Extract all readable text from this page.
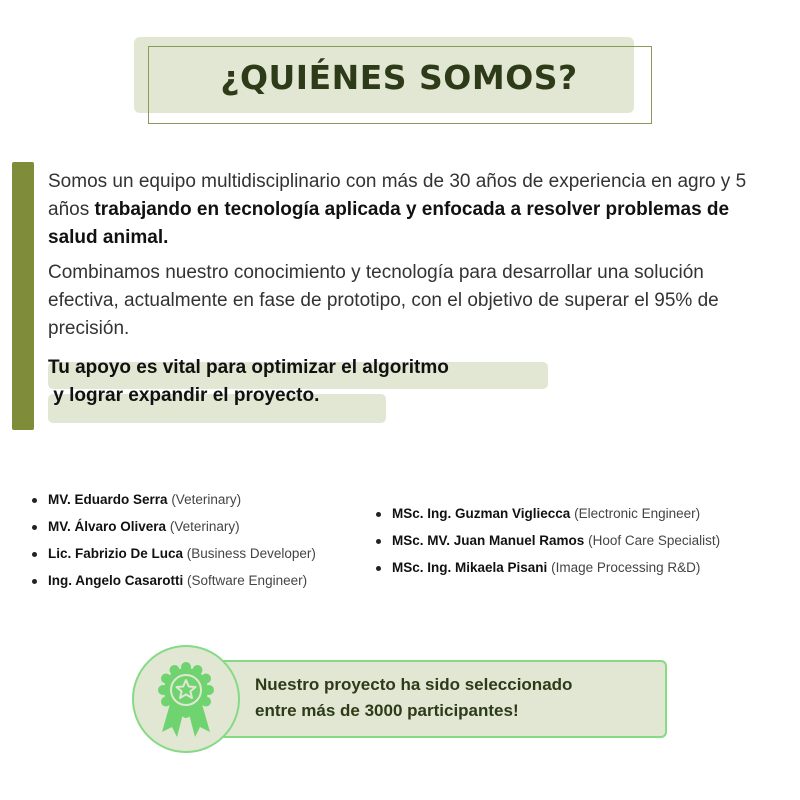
¿QUIÉNES SOMOS?

Somos un equipo multidisciplinario con más de 30 años de experiencia en agro y 5 años trabajando en tecnología aplicada y enfocada a resolver problemas de salud animal.

Combinamos nuestro conocimiento y tecnología para desarrollar una solución efectiva, actualmente en fase de prototipo, con el objetivo de superar el 95% de precisión.

Tu apoyo es vital para optimizar el algoritmo
y lograr expandir el proyecto.
MV. Eduardo Serra (Veterinary)
MV. Álvaro Olivera (Veterinary)
Lic. Fabrizio De Luca (Business Developer)
Ing. Angelo Casarotti (Software Engineer)
MSc. Ing. Guzman Vigliecca (Electronic Engineer)
MSc. MV. Juan Manuel Ramos (Hoof Care Specialist)
MSc. Ing. Mikaela Pisani (Image Processing R&D)
Nuestro proyecto ha sido seleccionado
entre más de 3000 participantes!
